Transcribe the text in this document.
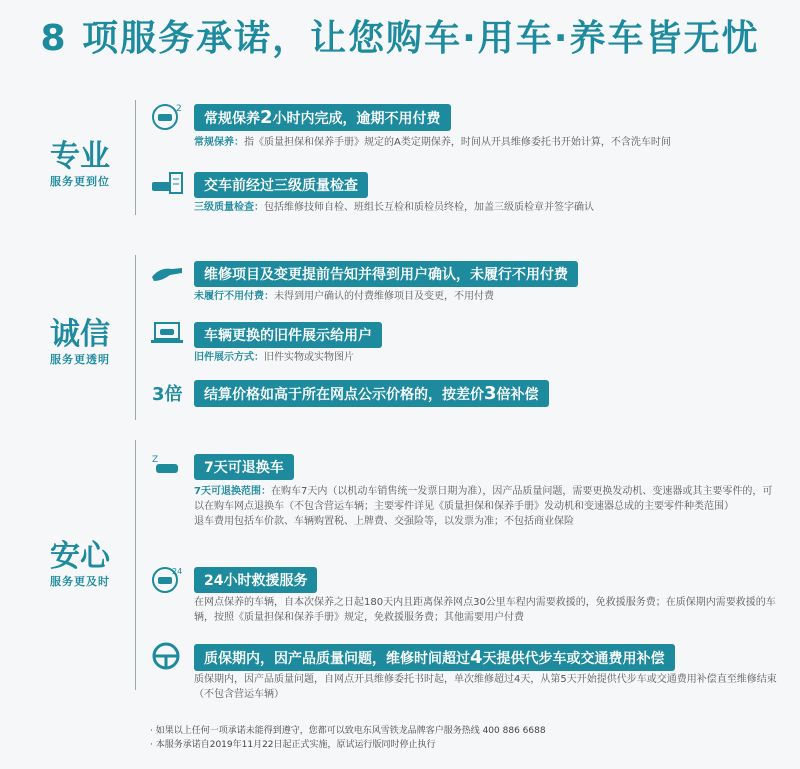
8 项服务承诺，让您购车·用车·养车皆无忧
专业
服务更到位
诚信
服务更透明
安心
服务更及时
2
常规保养2小时内完成，逾期不用付费
常规保养：指《质量担保和保养手册》规定的A类定期保养，时间从开具维修委托书开始计算，不含洗车时间
交车前经过三级质量检查
三级质量检查：包括维修技师自检、班组长互检和质检员终检，加盖三级质检章并签字确认
维修项目及变更提前告知并得到用户确认，未履行不用付费
未履行不用付费：未得到用户确认的付费维修项目及变更，不用付费
车辆更换的旧件展示给用户
旧件展示方式：旧件实物或实物图片
3倍	结算价格如高于所在网点公示价格的，按差价3倍补偿
Z	7天可退换车
7天可退换范围：在购车7天内（以机动车销售统一发票日期为准），因产品质量问题，需要更换发动机、变速器或其主要零件的，可以在购车网点退换车（不包含营运车辆；主要零件详见《质量担保和保养手册》发动机和变速器总成的主要零件种类范围）
退车费用包括车价款、车辆购置税、上牌费、交强险等，以发票为准；不包括商业保险
24
24小时救援服务
在网点保养的车辆，自本次保养之日起180天内且距离保养网点30公里车程内需要救援的，免救援服务费；在质保期内需要救援的车辆，按照《质量担保和保养手册》规定，免救援服务费；其他需要用户付费
质保期内，因产品质量问题，维修时间超过4天提供代步车或交通费用补偿
质保期内，因产品质量问题，自网点开具维修委托书时起，单次维修超过4天，从第5天开始提供代步车或交通费用补偿直至维修结束（不包含营运车辆）
· 如果以上任何一项承诺未能得到遵守，您都可以致电东风雪铁龙品牌客户服务热线 400 886 6688
· 本服务承诺自2019年11月22日起正式实施，原试运行版同时停止执行
